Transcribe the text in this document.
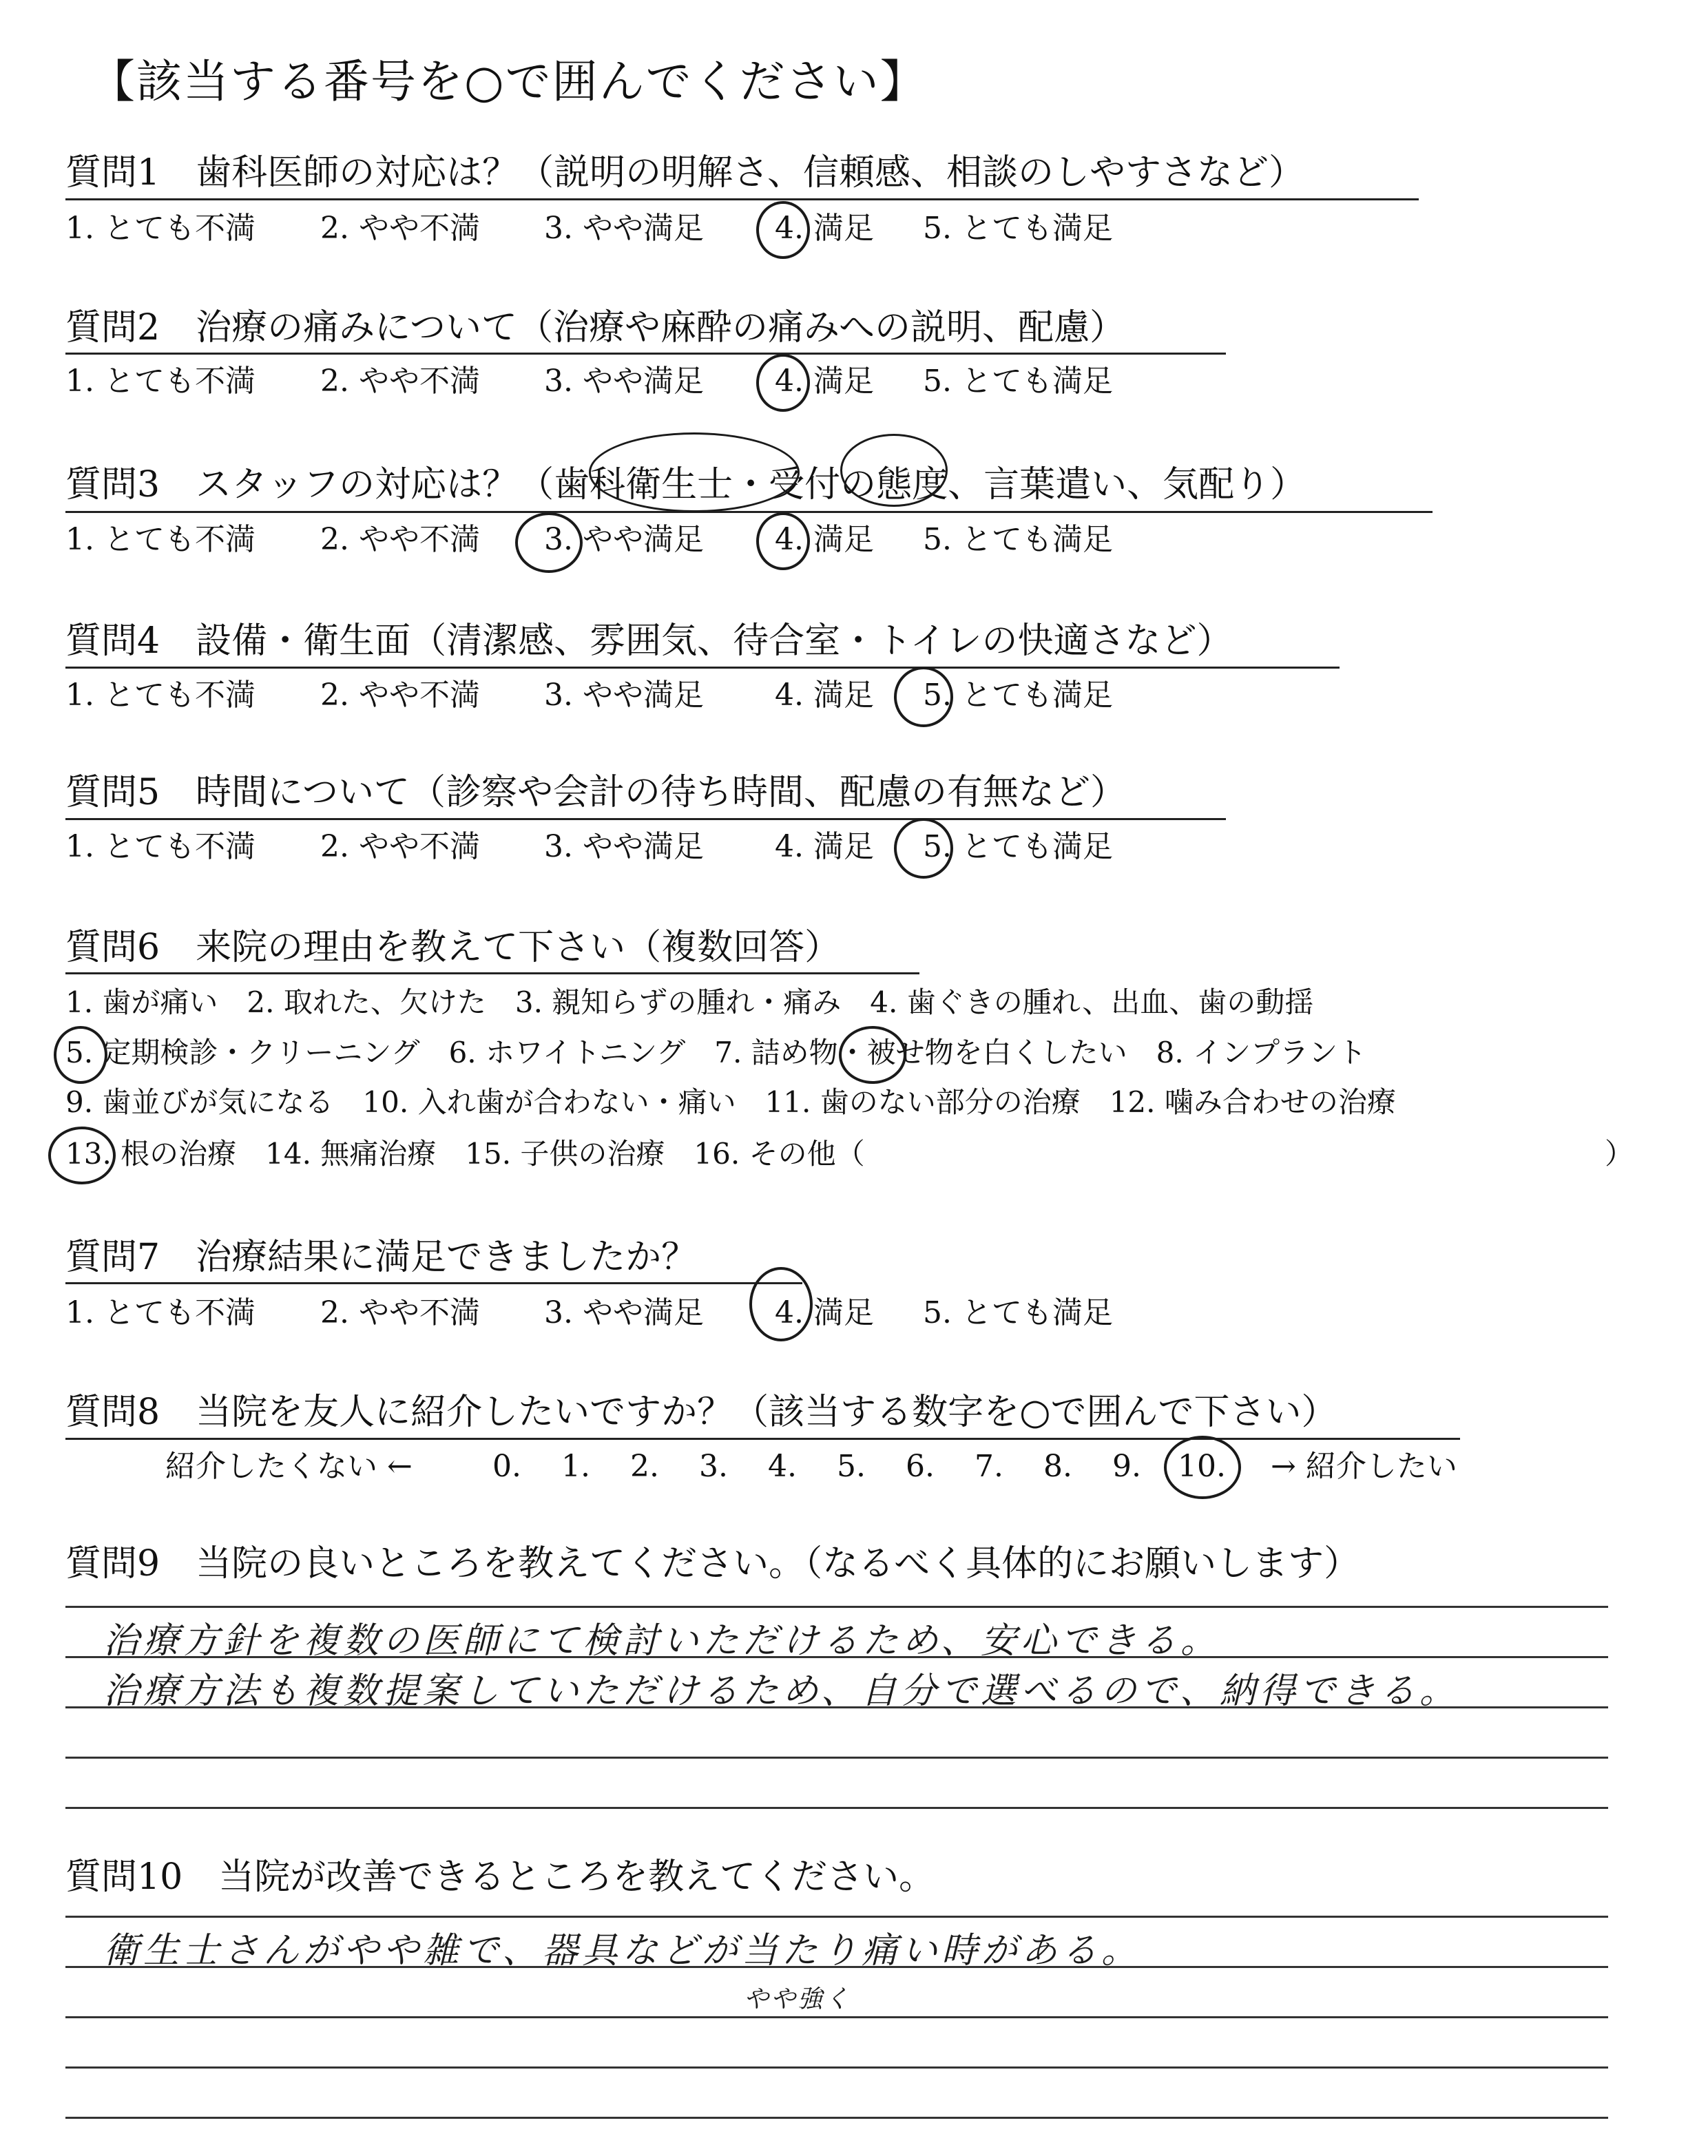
【該当する番号を○で囲んでください】
質問1　歯科医師の対応は？（説明の明解さ、信頼感、相談のしやすさなど）
1. とても不満 2. やや不満 3. やや満足 4. 満足 5. とても満足
質問2　治療の痛みについて（治療や麻酔の痛みへの説明、配慮）
1. とても不満 2. やや不満 3. やや満足 4. 満足 5. とても満足
質問3　スタッフの対応は？（歯科衛生士・受付の態度、言葉遣い、気配り）
1. とても不満 2. やや不満 3. やや満足 4. 満足 5. とても満足
質問4　設備・衛生面（清潔感、雰囲気、待合室・トイレの快適さなど）
1. とても不満 2. やや不満 3. やや満足 4. 満足 5. とても満足
質問5　時間について（診察や会計の待ち時間、配慮の有無など）
1. とても不満 2. やや不満 3. やや満足 4. 満足 5. とても満足
質問6　来院の理由を教えて下さい（複数回答）
1. 歯が痛い　2. 取れた、欠けた　3. 親知らずの腫れ・痛み　4. 歯ぐきの腫れ、出血、歯の動揺
5. 定期検診・クリーニング　6. ホワイトニング　7. 詰め物・被せ物を白くしたい　8. インプラント
9. 歯並びが気になる　10. 入れ歯が合わない・痛い　11. 歯のない部分の治療　12. 噛み合わせの治療
13. 根の治療　14. 無痛治療　15. 子供の治療　16. その他（	）
質問7　治療結果に満足できましたか？
1. とても不満 2. やや不満 3. やや満足 4. 満足 5. とても満足
質問8　当院を友人に紹介したいですか？（該当する数字を○で囲んで下さい）
紹介したくない ←	0. 1. 2. 3. 4. 5. 6. 7. 8. 9. 10. → 紹介したい
質問9　当院の良いところを教えてください。（なるべく具体的にお願いします）
治療方針を複数の医師にて検討いただけるため、安心できる。
治療方法も複数提案していただけるため、自分で選べるので、納得できる。
質問10　当院が改善できるところを教えてください。
衛生士さんがやや雑で、器具などが当たり痛い時がある。
やや強く
